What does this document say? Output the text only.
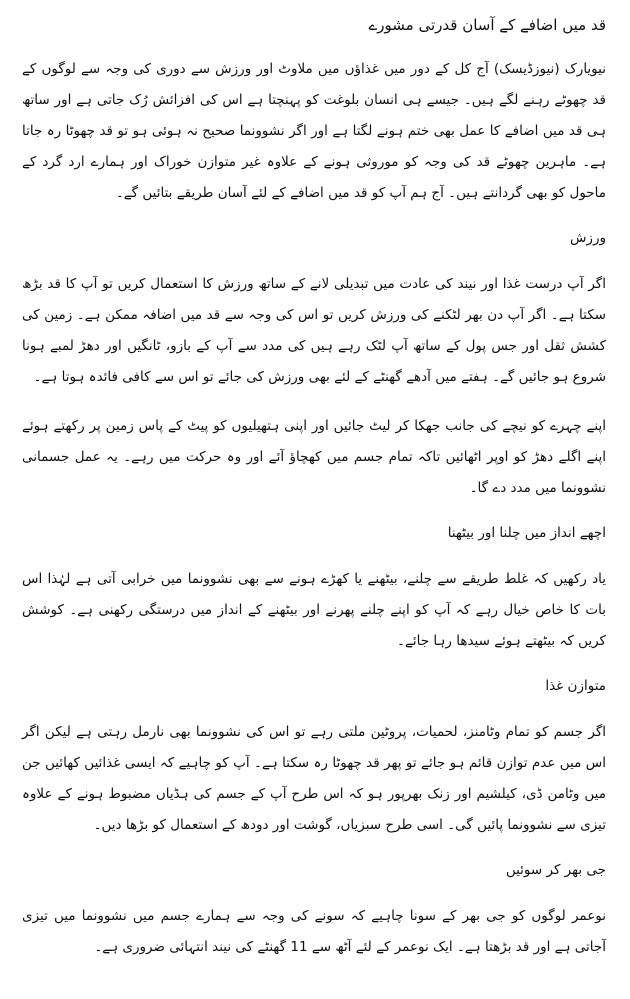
قد میں اضافے کے آسان قدرتی مشورے

نیویارک (نیوزڈیسک) آج کل کے دور میں غذاؤں میں ملاوٹ اور ورزش سے دوری کی وجہ سے لوگوں کے قد چھوٹے رہنے لگے ہیں۔ جیسے ہی انسان بلوغت کو پہنچتا ہے اس کی افزائش رُک جاتی ہے اور ساتھ ہی قد میں اضافے کا عمل بھی ختم ہونے لگتا ہے اور اگر نشوونما صحیح نہ ہوئی ہو تو قد چھوٹا رہ جاتا ہے۔ ماہرین چھوٹے قد کی وجہ کو موروثی ہونے کے علاوہ غیر متوازن خوراک اور ہمارے ارد گرد کے ماحول کو بھی گردانتے ہیں۔ آج ہم آپ کو قد میں اضافے کے لئے آسان طریقے بتائیں گے۔

ورزش

اگر آپ درست غذا اور نیند کی عادت میں تبدیلی لانے کے ساتھ ورزش کا استعمال کریں تو آپ کا قد بڑھ سکتا ہے۔ اگر آپ دن بھر لٹکنے کی ورزش کریں تو اس کی وجہ سے قد میں اضافہ ممکن ہے۔ زمین کی کشش ثقل اور جس پول کے ساتھ آپ لٹک رہے ہیں کی مدد سے آپ کے بازو، ٹانگیں اور دھڑ لمبے ہونا شروع ہو جائیں گے۔ ہفتے میں آدھے گھنٹے کے لئے بھی ورزش کی جائے تو اس سے کافی فائدہ ہوتا ہے۔

اپنے چہرے کو نیچے کی جانب جھکا کر لیٹ جائیں اور اپنی ہتھیلیوں کو پیٹ کے پاس زمین پر رکھتے ہوئے اپنے اگلے دھڑ کو اوپر اٹھائیں تاکہ تمام جسم میں کھچاؤ آئے اور وہ حرکت میں رہے۔ یہ عمل جسمانی نشوونما میں مدد دے گا۔

اچھے انداز میں چلنا اور بیٹھنا

یاد رکھیں کہ غلط طریقے سے چلنے، بیٹھنے یا کھڑے ہونے سے بھی نشوونما میں خرابی آتی ہے لہٰذا اس بات کا خاص خیال رہے کہ آپ کو اپنے چلنے پھرنے اور بیٹھنے کے انداز میں درستگی رکھنی ہے۔ کوشش کریں کہ بیٹھتے ہوئے سیدھا رہا جائے۔

متوازن غذا

اگر جسم کو تمام وٹامنز، لحمیات، پروٹین ملتی رہے تو اس کی نشوونما بھی نارمل رہتی ہے لیکن اگر اس میں عدم توازن قائم ہو جائے تو پھر قد چھوٹا رہ سکتا ہے۔ آپ کو چاہیے کہ ایسی غذائیں کھائیں جن میں وٹامن ڈی، کیلشیم اور زنک بھرپور ہو کہ اس طرح آپ کے جسم کی ہڈیاں مضبوط ہونے کے علاوہ تیزی سے نشوونما پائیں گی۔ اسی طرح سبزیاں، گوشت اور دودھ کے استعمال کو بڑھا دیں۔

جی بھر کر سوئیں

نوعمر لوگوں کو جی بھر کے سونا چاہیے کہ سونے کی وجہ سے ہمارے جسم میں نشوونما میں تیزی آجاتی ہے اور قد بڑھتا ہے۔ ایک نوعمر کے لئے آٹھ سے 11 گھنٹے کی نیند انتہائی ضروری ہے۔
